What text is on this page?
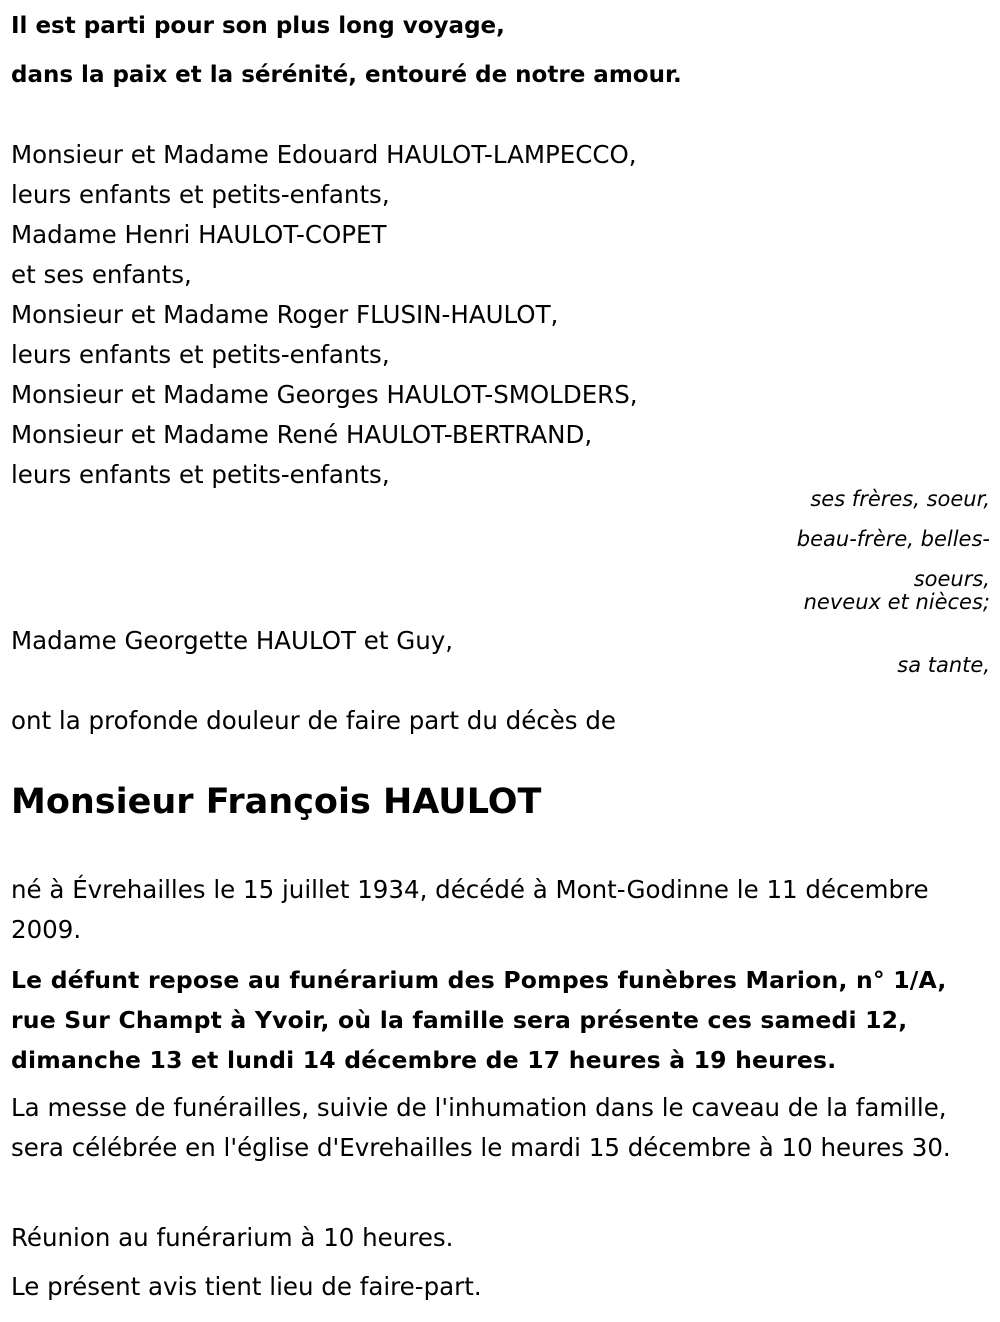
Il est parti pour son plus long voyage,
dans la paix et la sérénité, entouré de notre amour.
Monsieur et Madame Edouard HAULOT-LAMPECCO,
leurs enfants et petits-enfants,
Madame Henri HAULOT-COPET
et ses enfants,
Monsieur et Madame Roger FLUSIN-HAULOT,
leurs enfants et petits-enfants,
Monsieur et Madame Georges HAULOT-SMOLDERS,
Monsieur et Madame René HAULOT-BERTRAND,
leurs enfants et petits-enfants,
ses frères, soeur,
beau-frère, belles-
soeurs,
neveux et nièces;
Madame Georgette HAULOT et Guy,
sa tante,
ont la profonde douleur de faire part du décès de
Monsieur François HAULOT
né à Évrehailles le 15 juillet 1934, décédé à Mont-Godinne le 11 décembre 2009.
Le défunt repose au funérarium des Pompes funèbres Marion, n° 1/A, rue Sur Champt à Yvoir, où la famille sera présente ces samedi 12, dimanche 13 et lundi 14 décembre de 17 heures à 19 heures.
La messe de funérailles, suivie de l'inhumation dans le caveau de la famille, sera célébrée en l'église d'Evrehailles le mardi 15 décembre à 10 heures 30.
Réunion au funérarium à 10 heures.
Le présent avis tient lieu de faire-part.
